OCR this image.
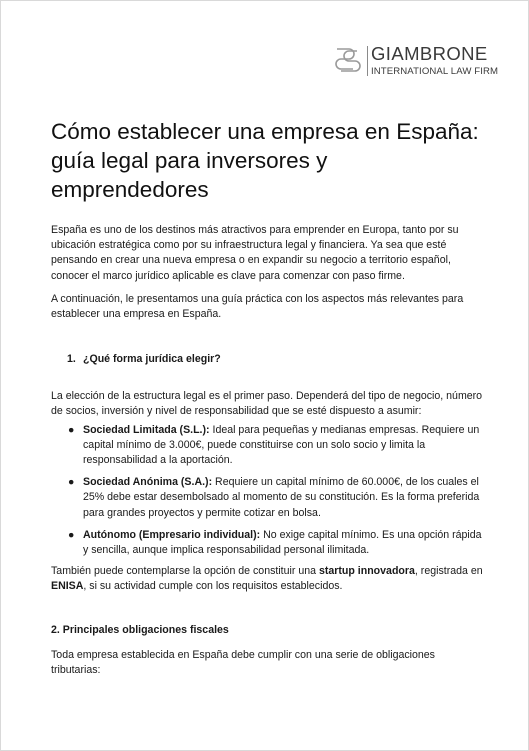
GIAMBRONE
INTERNATIONAL LAW FIRM
Cómo establecer una empresa en España: guía legal para inversores y emprendedores

España es uno de los destinos más atractivos para emprender en Europa, tanto por su ubicación estratégica como por su infraestructura legal y financiera. Ya sea que esté pensando en crear una nueva empresa o en expandir su negocio a territorio español, conocer el marco jurídico aplicable es clave para comenzar con paso firme.

A continuación, le presentamos una guía práctica con los aspectos más relevantes para establecer una empresa en España.

1. ¿Qué forma jurídica elegir?

La elección de la estructura legal es el primer paso. Dependerá del tipo de negocio, número de socios, inversión y nivel de responsabilidad que se esté dispuesto a asumir:

● Sociedad Limitada (S.L.): Ideal para pequeñas y medianas empresas. Requiere un capital mínimo de 3.000€, puede constituirse con un solo socio y limita la responsabilidad a la aportación.
● Sociedad Anónima (S.A.): Requiere un capital mínimo de 60.000€, de los cuales el 25% debe estar desembolsado al momento de su constitución. Es la forma preferida para grandes proyectos y permite cotizar en bolsa.
● Autónomo (Empresario individual): No exige capital mínimo. Es una opción rápida y sencilla, aunque implica responsabilidad personal ilimitada.

También puede contemplarse la opción de constituir una startup innovadora, registrada en ENISA, si su actividad cumple con los requisitos establecidos.

2. Principales obligaciones fiscales

Toda empresa establecida en España debe cumplir con una serie de obligaciones tributarias:
